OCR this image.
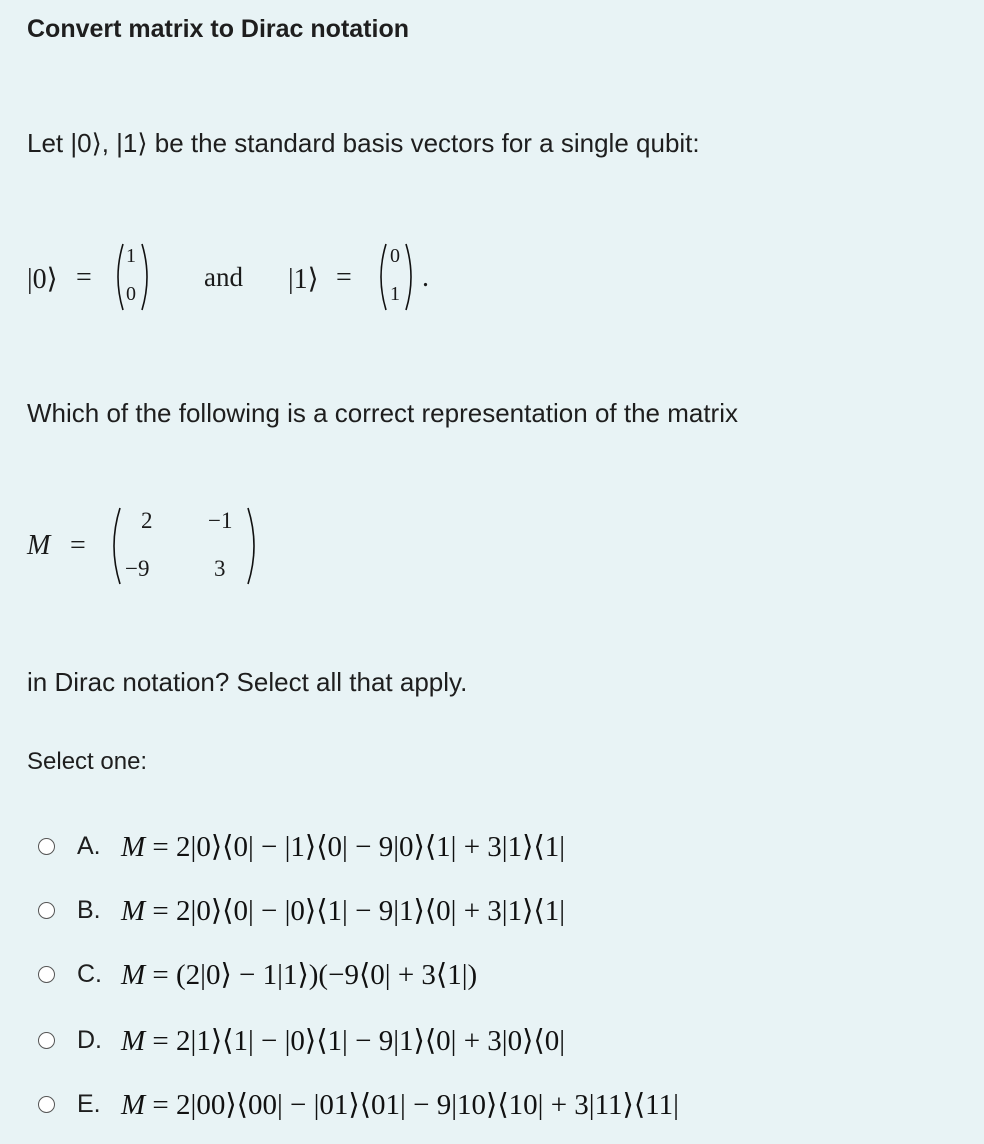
Convert matrix to Dirac notation
Let |0⟩, |1⟩ be the standard basis vectors for a single qubit:
|0⟩ =
1
0
and |1⟩ =
0
1
.
Which of the following is a correct representation of the matrix
M =
2 −1
−9	3
in Dirac notation? Select all that apply.
Select one:
A. M = 2|0⟩⟨0| − |1⟩⟨0| − 9|0⟩⟨1| + 3|1⟩⟨1|
B. M = 2|0⟩⟨0| − |0⟩⟨1| − 9|1⟩⟨0| + 3|1⟩⟨1|
C. M = (2|0⟩ − 1|1⟩)(−9⟨0| + 3⟨1|)
D. M = 2|1⟩⟨1| − |0⟩⟨1| − 9|1⟩⟨0| + 3|0⟩⟨0|
E. M = 2|00⟩⟨00| − |01⟩⟨01| − 9|10⟩⟨10| + 3|11⟩⟨11|
